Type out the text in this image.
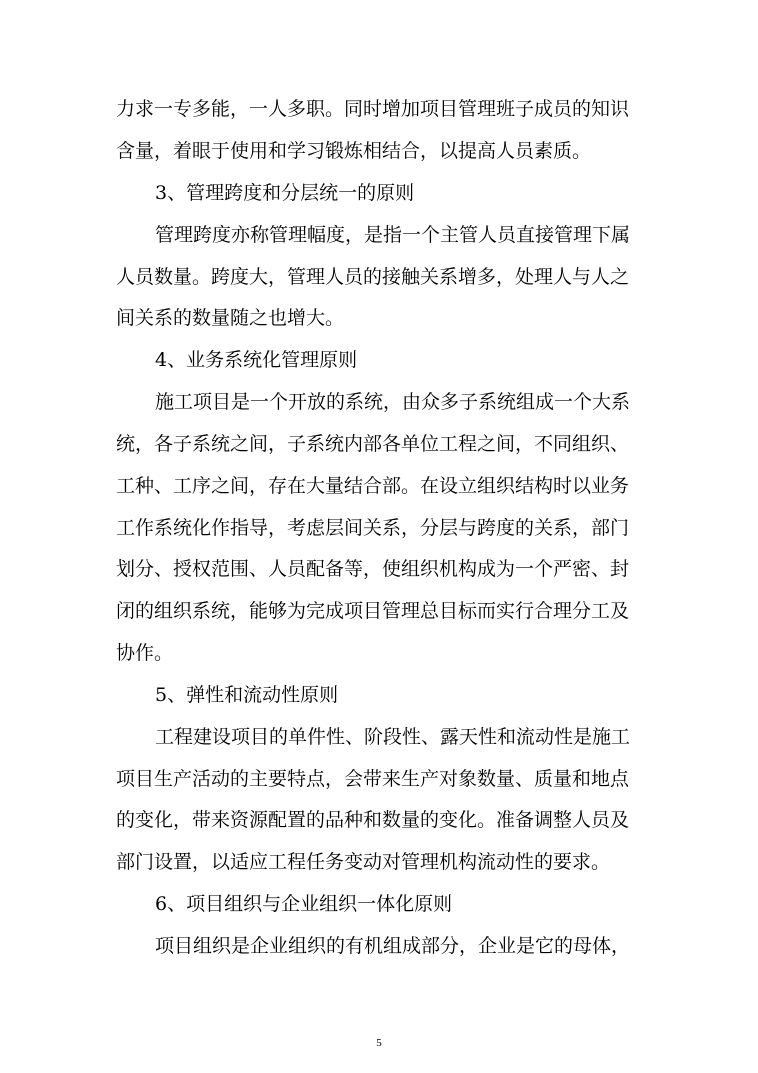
力求一专多能，一人多职。同时增加项目管理班子成员的知识
含量，着眼于使用和学习锻炼相结合，以提高人员素质。
3、管理跨度和分层统一的原则
管理跨度亦称管理幅度，是指一个主管人员直接管理下属
人员数量。跨度大，管理人员的接触关系增多，处理人与人之
间关系的数量随之也增大。
4、业务系统化管理原则
施工项目是一个开放的系统，由众多子系统组成一个大系
统，各子系统之间，子系统内部各单位工程之间，不同组织、
工种、工序之间，存在大量结合部。在设立组织结构时以业务
工作系统化作指导，考虑层间关系，分层与跨度的关系，部门
划分、授权范围、人员配备等，使组织机构成为一个严密、封
闭的组织系统，能够为完成项目管理总目标而实行合理分工及
协作。
5、弹性和流动性原则
工程建设项目的单件性、阶段性、露天性和流动性是施工
项目生产活动的主要特点，会带来生产对象数量、质量和地点
的变化，带来资源配置的品种和数量的变化。准备调整人员及
部门设置，以适应工程任务变动对管理机构流动性的要求。
6、项目组织与企业组织一体化原则
项目组织是企业组织的有机组成部分，企业是它的母体，
5
